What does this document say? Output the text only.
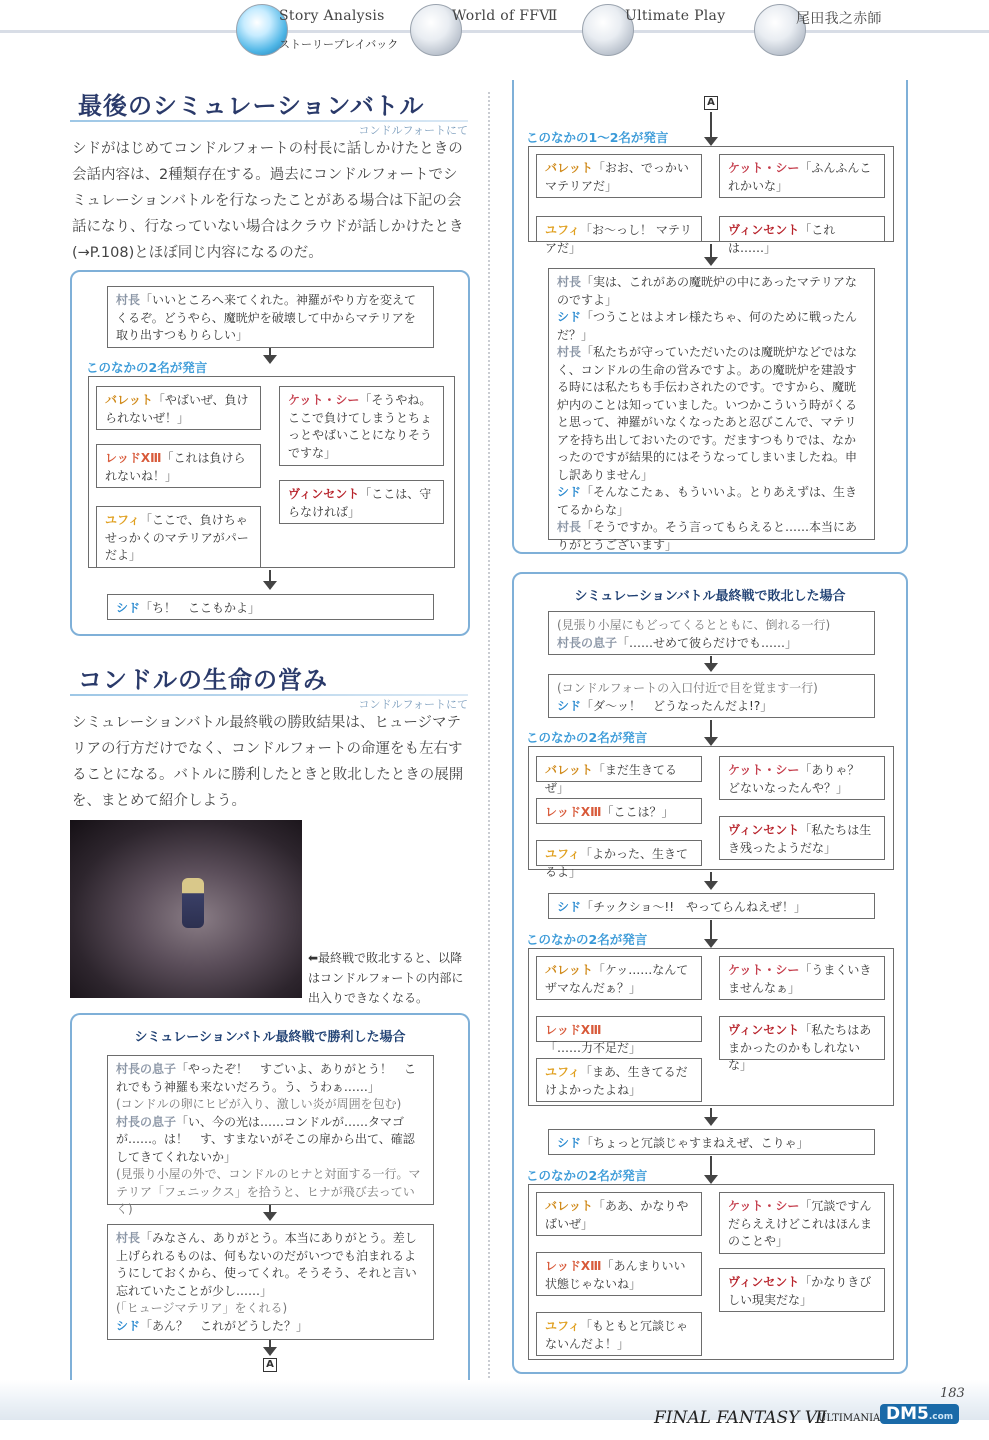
Story Analysis
ストーリープレイバック
World of FFⅦ	Ultimate Play	尾田我之赤師
最後のシミュレーションバトル
コンドルフォートにて
シドがはじめてコンドルフォートの村長に話しかけたときの会話内容は、2種類存在する。過去にコンドルフォートでシミュレーションバトルを行なったことがある場合は下記の会話になり、行なっていない場合はクラウドが話しかけたとき(→P.108)とほぼ同じ内容になるのだ。
村長「いいところへ来てくれた。神羅がやり方を変えてくるぞ。どうやら、魔晄炉を破壊して中からマテリアを取り出すつもりらしい」
このなかの2名が発言
バレット「やばいぜ、負けられないぜ！」
ケット・シー「そうやね。ここで負けてしまうとちょっとやばいことになりそうですな」
レッドⅩⅢ「これは負けられないね！」
ヴィンセント「ここは、守らなければ」
ユフィ「ここで、負けちゃせっかくのマテリアがパーだよ」
シド「ち！　ここもかよ」
コンドルの生命の営み
コンドルフォートにて
シミュレーションバトル最終戦の勝敗結果は、ヒュージマテリアの行方だけでなく、コンドルフォートの命運をも左右することになる。バトルに勝利したときと敗北したときの展開を、まとめて紹介しよう。
⬅最終戦で敗北すると、以降はコンドルフォートの内部に出入りできなくなる。
シミュレーションバトル最終戦で勝利した場合
村長の息子「やったぞ！　すごいよ、ありがとう！　これでもう神羅も来ないだろう。う、うわぁ……」
(コンドルの卵にヒビが入り、激しい炎が周囲を包む)
村長の息子「い、今の光は……コンドルが……タマゴが……。は！　す、すまないがそこの扉から出て、確認してきてくれないか」
(見張り小屋の外で、コンドルのヒナと対面する一行。マテリア「フェニックス」を拾うと、ヒナが飛び去っていく)
村長「みなさん、ありがとう。本当にありがとう。差し上げられるものは、何もないのだがいつでも泊まれるようにしておくから、使ってくれ。そうそう、それと言い忘れていたことが少し……」
(「ヒュージマテリア」をくれる)
シド「あん？　これがどうした？」
A
A
このなかの1～2名が発言
バレット「おお、でっかいマテリアだ」
ケット・シー「ふんふんこれかいな」
ユフィ「お～っし！ マテリアだ」
ヴィンセント「これは……」
村長「実は、これがあの魔晄炉の中にあったマテリアなのですよ」
シド「つうことはよオレ様たちゃ、何のために戦ったんだ？」
村長「私たちが守っていただいたのは魔晄炉などではなく、コンドルの生命の営みですよ。あの魔晄炉を建設する時には私たちも手伝わされたのです。ですから、魔晄炉内のことは知っていました。いつかこういう時がくると思って、神羅がいなくなったあと忍びこんで、マテリアを持ち出しておいたのです。だますつもりでは、なかったのですが結果的にはそうなってしまいましたね。申し訳ありません」
シド「そんなこたぁ、もういいよ。とりあえずは、生きてるからな」
村長「そうですか。そう言ってもらえると……本当にありがとうございます」
シミュレーションバトル最終戦で敗北した場合
(見張り小屋にもどってくるとともに、倒れる一行)
村長の息子「……せめて彼らだけでも……」
(コンドルフォートの入口付近で目を覚ます一行)
シド「ダ～ッ！　どうなったんだよ!?」
このなかの2名が発言
バレット「まだ生きてるぜ」
ケット・シー「ありゃ？　どないなったんや？」
レッドⅩⅢ「ここは？」
ヴィンセント「私たちは生き残ったようだな」
ユフィ「よかった、生きてるよ」
シド「チックショ～!!　やってらんねえぜ！」
このなかの2名が発言
バレット「ケッ……なんてザマなんだぁ？」
ケット・シー「うまくいきませんなぁ」
レッドⅩⅢ「……力不足だ」
ヴィンセント「私たちはあまかったのかもしれないな」
ユフィ「まあ、生きてるだけよかったよね」
シド「ちょっと冗談じゃすまねえぜ、こりゃ」
このなかの2名が発言
バレット「ああ、かなりやばいぜ」
ケット・シー「冗談ですんだらええけどこれはほんまのことや」
レッドⅩⅢ「あんまりいい状態じゃないね」	ヴィンセント「かなりきびしい現実だな」
ユフィ「もともと冗談じゃないんだよ！」
183
FINAL FANTASY Ⅶ
ULTIMANIA DM5.com
